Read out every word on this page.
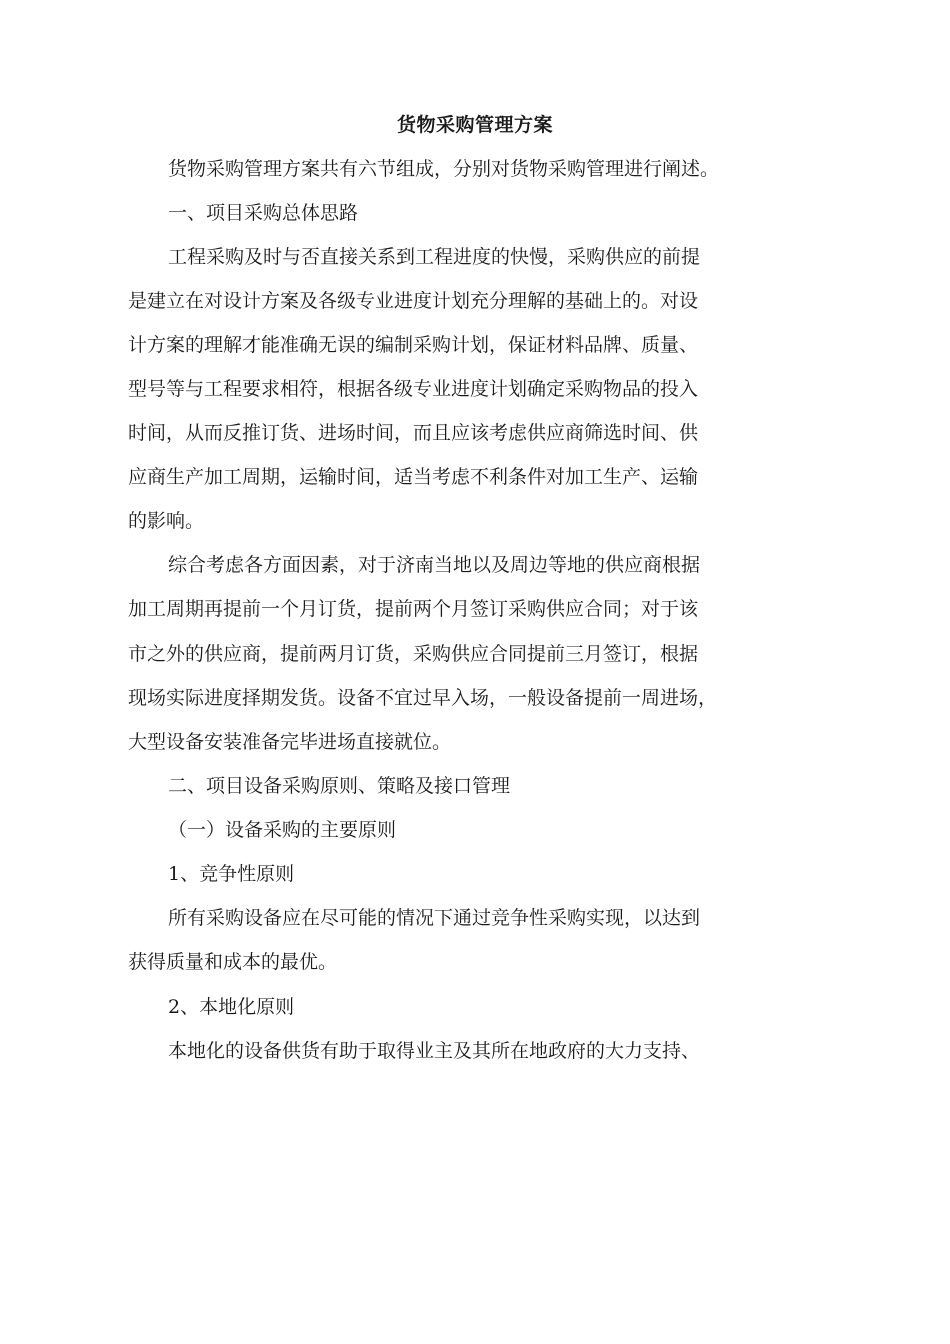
货物采购管理方案
货物采购管理方案共有六节组成，分别对货物采购管理进行阐述。
一、项目采购总体思路
工程采购及时与否直接关系到工程进度的快慢，采购供应的前提
是建立在对设计方案及各级专业进度计划充分理解的基础上的。对设
计方案的理解才能准确无误的编制采购计划，保证材料品牌、质量、
型号等与工程要求相符，根据各级专业进度计划确定采购物品的投入
时间，从而反推订货、进场时间，而且应该考虑供应商筛选时间、供
应商生产加工周期，运输时间，适当考虑不利条件对加工生产、运输
的影响。
综合考虑各方面因素，对于济南当地以及周边等地的供应商根据
加工周期再提前一个月订货，提前两个月签订采购供应合同；对于该
市之外的供应商，提前两月订货，采购供应合同提前三月签订，根据
现场实际进度择期发货。设备不宜过早入场，一般设备提前一周进场，
大型设备安装准备完毕进场直接就位。
二、项目设备采购原则、策略及接口管理
（一）设备采购的主要原则
1、竞争性原则
所有采购设备应在尽可能的情况下通过竞争性采购实现，以达到
获得质量和成本的最优。
2、本地化原则
本地化的设备供货有助于取得业主及其所在地政府的大力支持、
